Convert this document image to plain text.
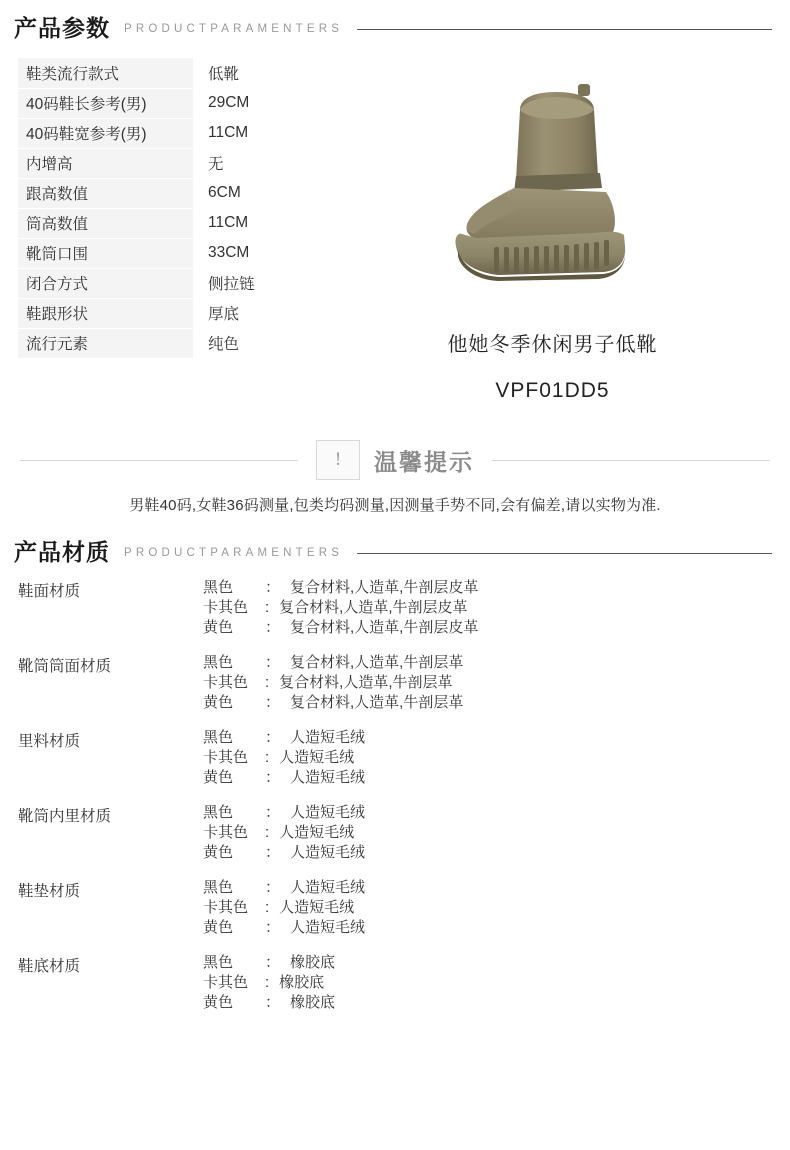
产品参数 PRODUCTPARAMENTERS
鞋类流行款式	低靴
40码鞋长参考(男)	29CM
40码鞋宽参考(男)	11CM
内增高	无
跟高数值	6CM
筒高数值	11CM
靴筒口围	33CM
闭合方式	侧拉链
鞋跟形状	厚底
流行元素	纯色	他她冬季休闲男子低靴
VPF01DD5
!	温馨提示
男鞋40码,女鞋36码测量,包类均码测量,因测量手势不同,会有偏差,请以实物为准.
产品材质 PRODUCTPARAMENTERS
鞋面材质	黑色 ： 复合材料,人造革,牛剖层皮革
卡其色 : 复合材料,人造革,牛剖层皮革
黄色 ： 复合材料,人造革,牛剖层皮革
靴筒筒面材质	黑色 ： 复合材料,人造革,牛剖层革
卡其色 : 复合材料,人造革,牛剖层革
黄色 ： 复合材料,人造革,牛剖层革
里料材质	黑色 ： 人造短毛绒
卡其色 : 人造短毛绒
黄色 ： 人造短毛绒
靴筒内里材质	黑色 ： 人造短毛绒
卡其色 : 人造短毛绒
黄色 ： 人造短毛绒
鞋垫材质	黑色 ： 人造短毛绒
卡其色 : 人造短毛绒
黄色 ： 人造短毛绒
鞋底材质	黑色 ： 橡胶底
卡其色 : 橡胶底
黄色 ： 橡胶底
